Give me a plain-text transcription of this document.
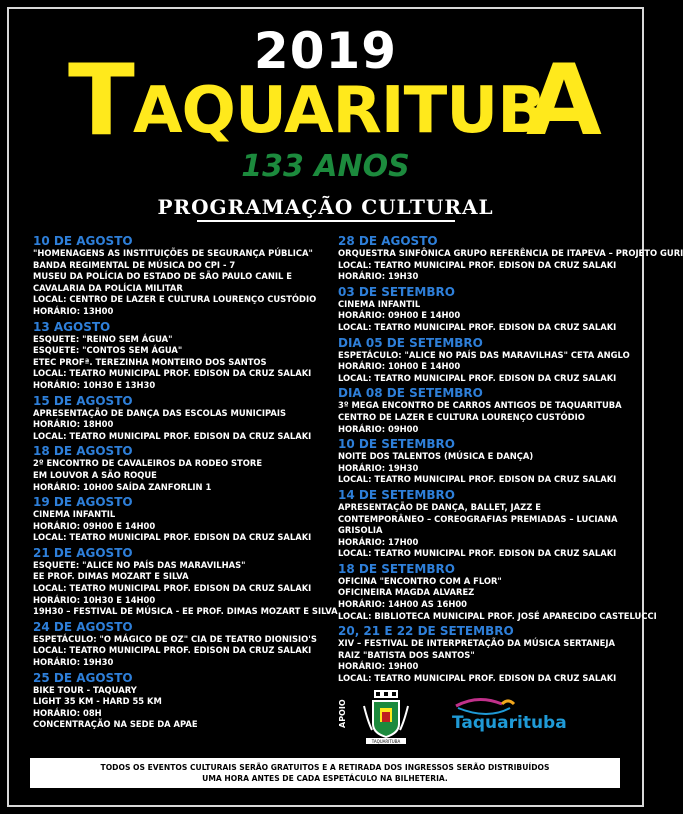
2019
T
AQUARITUB
A
133 ANOS
PROGRAMAÇÃO CULTURAL
10 DE AGOSTO
"HOMENAGENS AS INSTITUIÇÕES DE SEGURANÇA PÚBLICA"
BANDA REGIMENTAL DE MÚSICA DO CPI - 7
MUSEU DA POLÍCIA DO ESTADO DE SÃO PAULO CANIL E CAVALARIA DA POLÍCIA MILITAR
LOCAL: CENTRO DE LAZER E CULTURA LOURENÇO CUSTÓDIO
HORÁRIO: 13H00
13 AGOSTO
ESQUETE: "REINO SEM ÁGUA"
ESQUETE: "CONTOS SEM ÁGUA"
ETEC PROFª. TEREZINHA MONTEIRO DOS SANTOS
LOCAL: TEATRO MUNICIPAL PROF. EDISON DA CRUZ SALAKI
HORÁRIO: 10H30 E 13H30
15 DE AGOSTO
APRESENTAÇÃO DE DANÇA DAS ESCOLAS MUNICIPAIS
HORÁRIO: 18H00
LOCAL: TEATRO MUNICIPAL PROF. EDISON DA CRUZ SALAKI
18 DE AGOSTO
2º ENCONTRO DE CAVALEIROS DA RODEO STORE
EM LOUVOR A SÃO ROQUE
HORÁRIO: 10H00 SAÍDA ZANFORLIN 1
19 DE AGOSTO
CINEMA INFANTIL
HORÁRIO: 09H00 E 14H00
LOCAL: TEATRO MUNICIPAL PROF. EDISON DA CRUZ SALAKI
21 DE AGOSTO
ESQUETE: "ALICE NO PAÍS DAS MARAVILHAS"
EE PROF. DIMAS MOZART E SILVA
LOCAL: TEATRO MUNICIPAL PROF. EDISON DA CRUZ SALAKI
HORÁRIO: 10H30 E 14H00
19H30 – FESTIVAL DE MÚSICA - EE PROF. DIMAS MOZART E SILVA
24 DE AGOSTO
ESPETÁCULO: "O MÁGICO DE OZ" CIA DE TEATRO DIONISIO'S
LOCAL: TEATRO MUNICIPAL PROF. EDISON DA CRUZ SALAKI
HORÁRIO: 19H30
25 DE AGOSTO
BIKE TOUR - TAQUARY
LIGHT 35 KM - HARD 55 KM
HORÁRIO: 08H
CONCENTRAÇÃO NA SEDE DA APAE
28 DE AGOSTO
ORQUESTRA SINFÔNICA GRUPO REFERÊNCIA DE ITAPEVA – PROJETO GURI
LOCAL: TEATRO MUNICIPAL PROF. EDISON DA CRUZ SALAKI
HORÁRIO: 19H30
03 DE SETEMBRO
CINEMA INFANTIL
HORÁRIO: 09H00 E 14H00
LOCAL: TEATRO MUNICIPAL PROF. EDISON DA CRUZ SALAKI
DIA 05 DE SETEMBRO
ESPETÁCULO: "ALICE NO PAÍS DAS MARAVILHAS" CETA ANGLO
HORÁRIO: 10H00 E 14H00
LOCAL: TEATRO MUNICIPAL PROF. EDISON DA CRUZ SALAKI
DIA 08 DE SETEMBRO
3º MEGA ENCONTRO DE CARROS ANTIGOS DE TAQUARITUBA
CENTRO DE LAZER E CULTURA LOURENÇO CUSTÓDIO
HORÁRIO: 09H00
10 DE SETEMBRO
NOITE DOS TALENTOS (MÚSICA E DANÇA)
HORÁRIO: 19H30
LOCAL: TEATRO MUNICIPAL PROF. EDISON DA CRUZ SALAKI
14 DE SETEMBRO
APRESENTAÇÃO DE DANÇA, BALLET, JAZZ E CONTEMPORÂNEO – COREOGRAFIAS PREMIADAS – LUCIANA GRISOLIA
HORÁRIO: 17H00
LOCAL: TEATRO MUNICIPAL PROF. EDISON DA CRUZ SALAKI
18 DE SETEMBRO
OFICINA "ENCONTRO COM A FLOR"
OFICINEIRA MAGDA ALVAREZ
HORÁRIO: 14H00 AS 16H00
LOCAL: BIBLIOTECA MUNICIPAL PROF. JOSÉ APARECIDO CASTELUCCI
20, 21 E 22 DE SETEMBRO
XIV – FESTIVAL DE INTERPRETAÇÃO DA MÚSICA SERTANEJA
RAIZ "BATISTA DOS SANTOS"
HORÁRIO: 19H00
LOCAL: TEATRO MUNICIPAL PROF. EDISON DA CRUZ SALAKI
APOIO
TAQUARITUBA
Taquarituba
TODOS OS EVENTOS CULTURAIS SERÃO GRATUITOS E A RETIRADA DOS INGRESSOS SERÃO DISTRIBUÍDOS
UMA HORA ANTES DE CADA ESPETÁCULO NA BILHETERIA.
